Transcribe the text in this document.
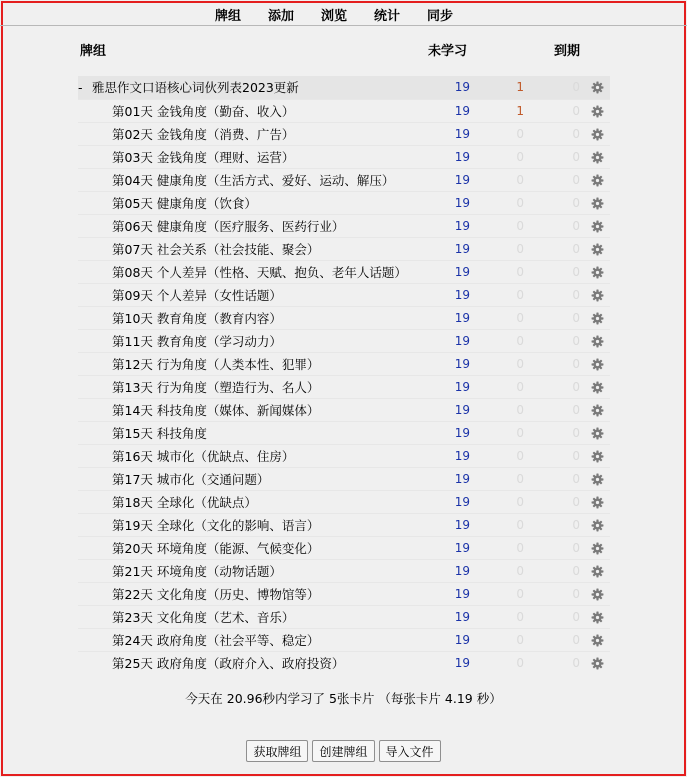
牌组 添加 浏览 统计 同步
牌组	未学习	到期
- 雅思作文口语核心词伙列表2023更新	19	1	0
第01天 金钱角度（勤奋、收入）	19	1	0
第02天 金钱角度（消费、广告）	19	0	0
第03天 金钱角度（理财、运营）	19	0	0
第04天 健康角度（生活方式、爱好、运动、解压）	19	0	0
第05天 健康角度（饮食）	19	0	0
第06天 健康角度（医疗服务、医药行业）	19	0	0
第07天 社会关系（社会技能、聚会）	19	0	0
第08天 个人差异（性格、天赋、抱负、老年人话题）	19	0	0
第09天 个人差异（女性话题）	19	0	0
第10天 教育角度（教育内容）	19	0	0
第11天 教育角度（学习动力）	19	0	0
第12天 行为角度（人类本性、犯罪）	19	0	0
第13天 行为角度（塑造行为、名人）	19	0	0
第14天 科技角度（媒体、新闻媒体）	19	0	0
第15天 科技角度	19	0	0
第16天 城市化（优缺点、住房）	19	0	0
第17天 城市化（交通问题）	19	0	0
第18天 全球化（优缺点）	19	0	0
第19天 全球化（文化的影响、语言）	19	0	0
第20天 环境角度（能源、气候变化）	19	0	0
第21天 环境角度（动物话题）	19	0	0
第22天 文化角度（历史、博物馆等）	19	0	0
第23天 文化角度（艺术、音乐）	19	0	0
第24天 政府角度（社会平等、稳定）	19	0	0
第25天 政府角度（政府介入、政府投资）	19	0	0
今天在 20.96秒内学习了 5张卡片 （每张卡片 4.19 秒）
获取牌组 创建牌组 导入文件
